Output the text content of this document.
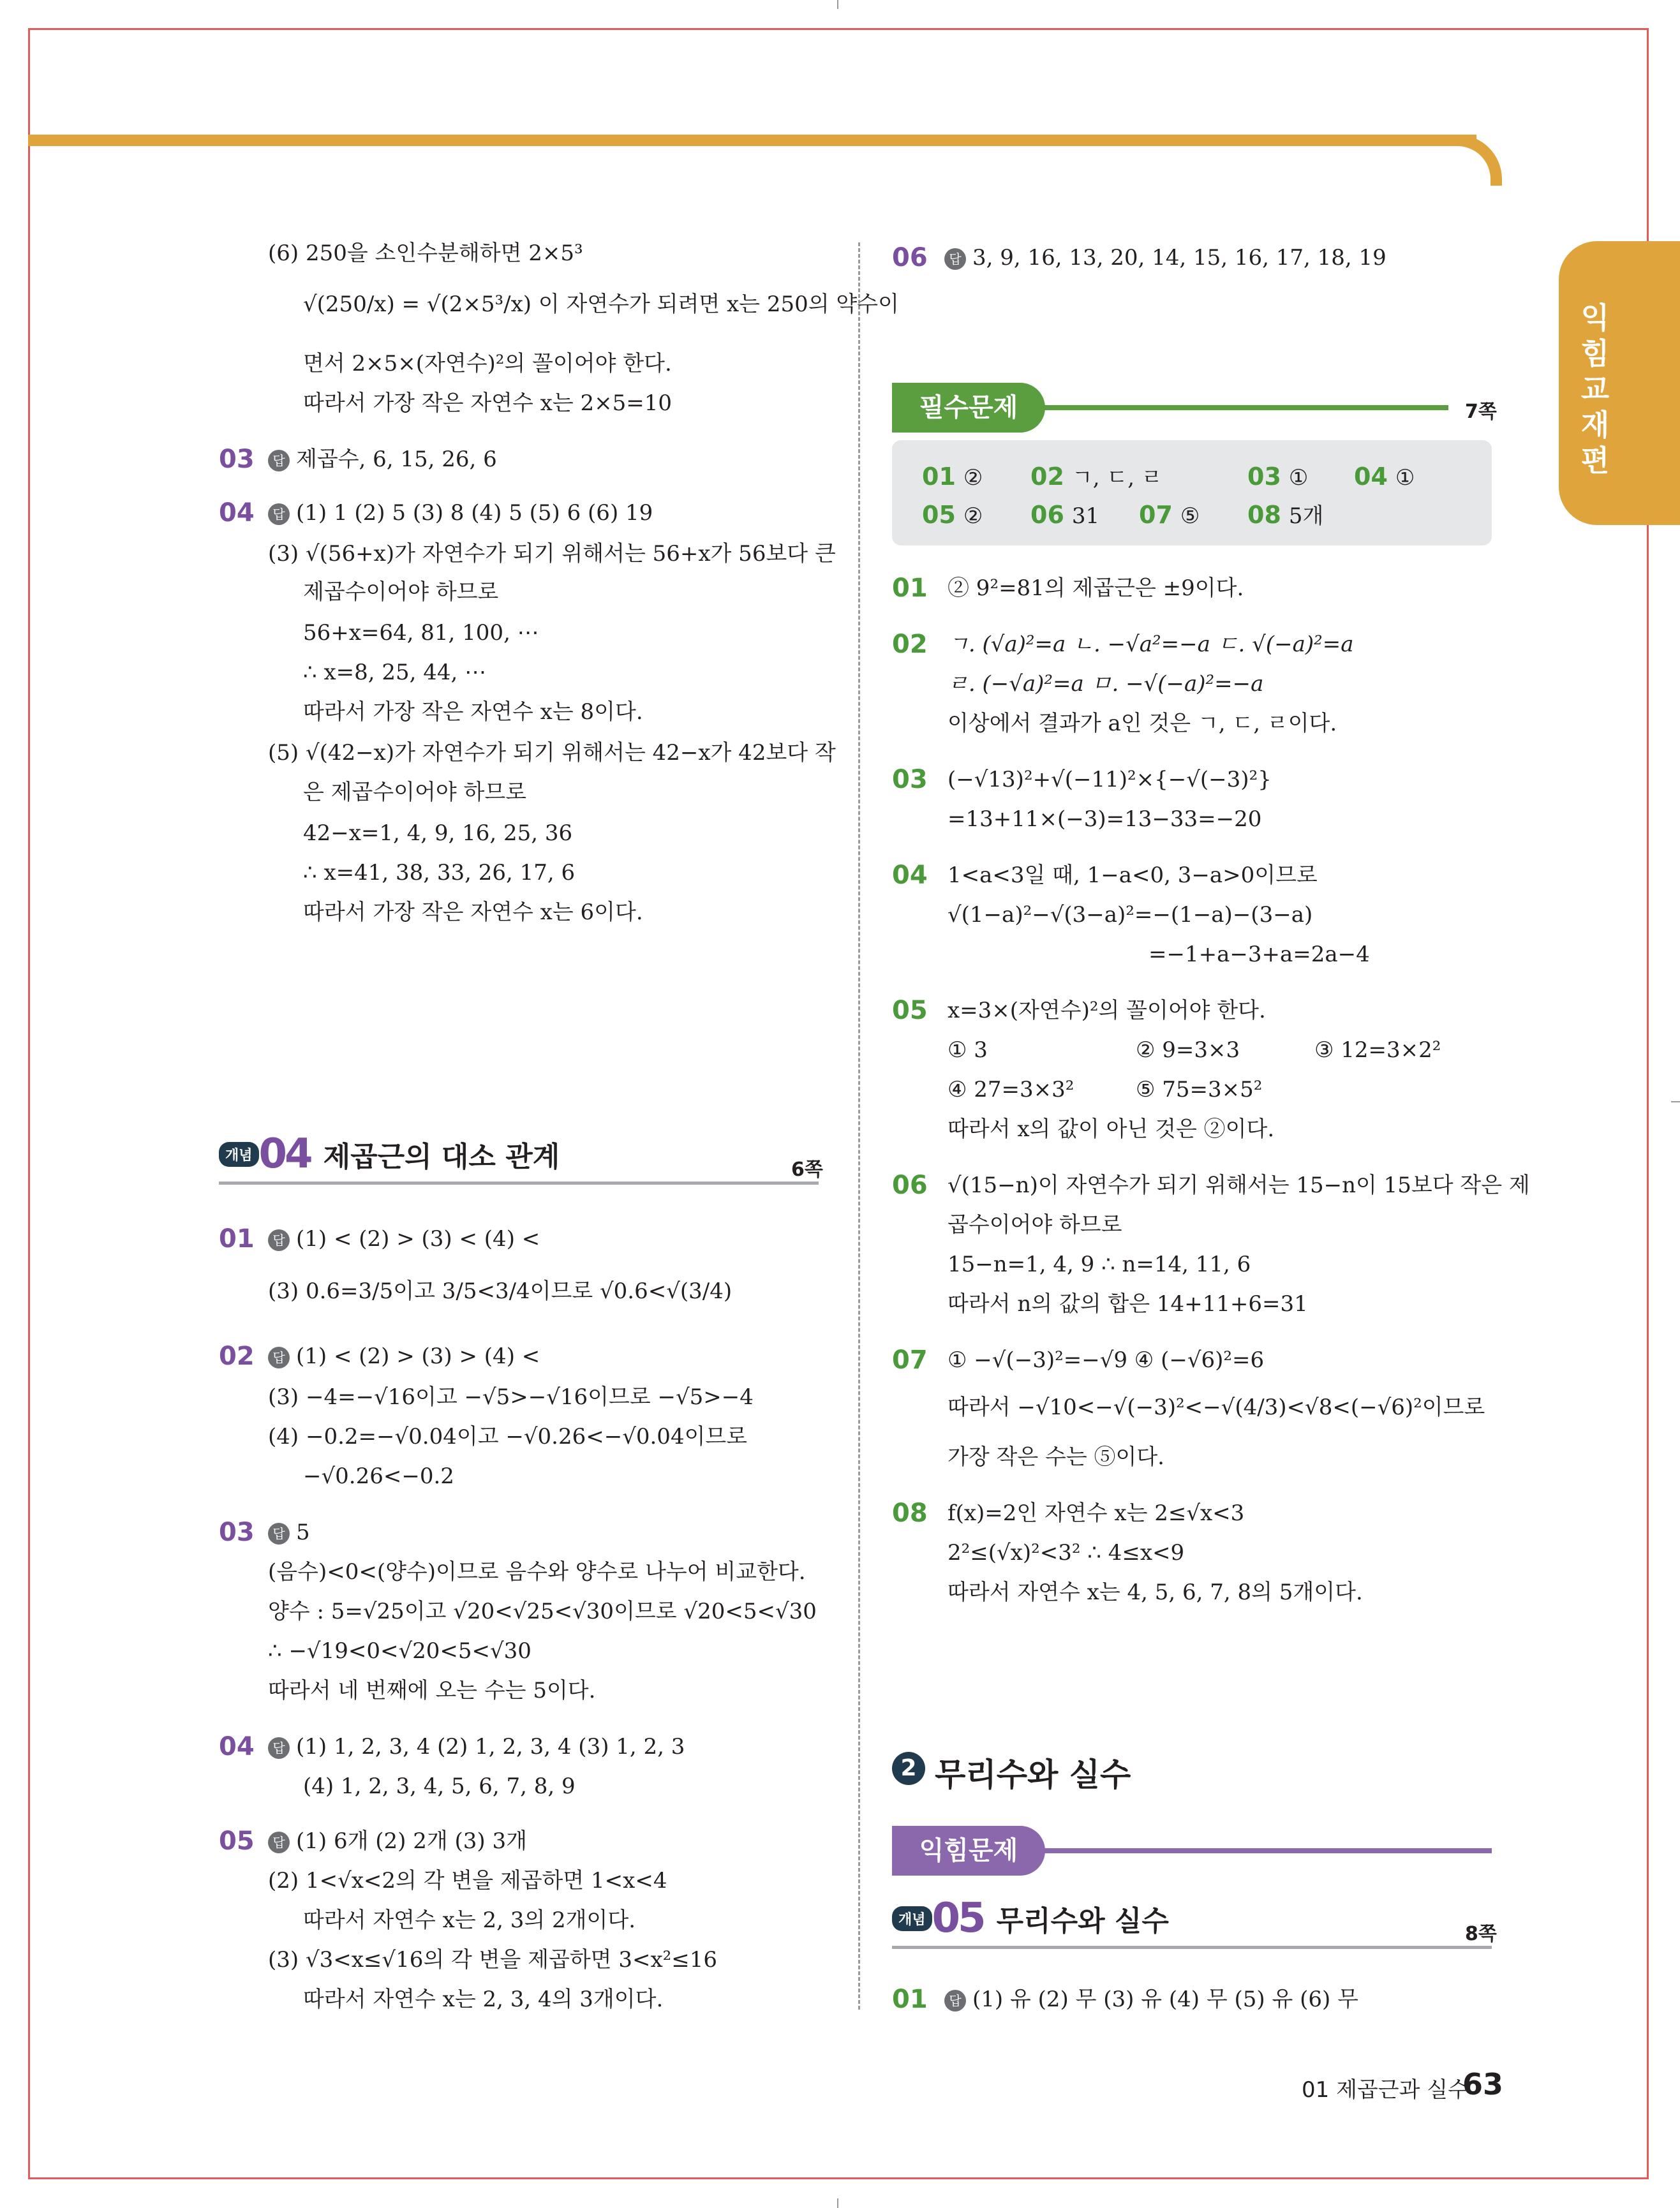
익힘교재편
(6) 250을 소인수분해하면 2×5³
√(250/x) = √(2×5³/x) 이 자연수가 되려면 x는 250의 약수이
면서 2×5×(자연수)²의 꼴이어야 한다.
따라서 가장 작은 자연수 x는 2×5=10
03	답 제곱수, 6, 15, 26, 6
04	답 (1) 1 (2) 5 (3) 8 (4) 5 (5) 6 (6) 19
(3) √(56+x)가 자연수가 되기 위해서는 56+x가 56보다 큰
제곱수이어야 하므로
56+x=64, 81, 100, ⋯
∴ x=8, 25, 44, ⋯
따라서 가장 작은 자연수 x는 8이다.
(5) √(42−x)가 자연수가 되기 위해서는 42−x가 42보다 작
은 제곱수이어야 하므로
42−x=1, 4, 9, 16, 25, 36
∴ x=41, 38, 33, 26, 17, 6
따라서 가장 작은 자연수 x는 6이다.
개념 04 제곱근의 대소 관계	6쪽
01	답 (1) < (2) > (3) < (4) <
(3) 0.6=3/5이고 3/5<3/4이므로 √0.6<√(3/4)
02	답 (1) < (2) > (3) > (4) <
(3) −4=−√16이고 −√5>−√16이므로 −√5>−4
(4) −0.2=−√0.04이고 −√0.26<−√0.04이므로
−√0.26<−0.2
03	답 5
(음수)<0<(양수)이므로 음수와 양수로 나누어 비교한다.
양수 : 5=√25이고 √20<√25<√30이므로 √20<5<√30
∴ −√19<0<√20<5<√30
따라서 네 번째에 오는 수는 5이다.
04	답 (1) 1, 2, 3, 4 (2) 1, 2, 3, 4 (3) 1, 2, 3
(4) 1, 2, 3, 4, 5, 6, 7, 8, 9
05	답 (1) 6개 (2) 2개 (3) 3개
(2) 1<√x<2의 각 변을 제곱하면 1<x<4
따라서 자연수 x는 2, 3의 2개이다.
(3) √3<x≤√16의 각 변을 제곱하면 3<x²≤16
따라서 자연수 x는 2, 3, 4의 3개이다.
06	답 3, 9, 16, 13, 20, 14, 15, 16, 17, 18, 19
필수문제	7쪽
01 ② 02 ㄱ, ㄷ, ㄹ	03 ① 04 ①
05 ② 06 31 07 ⑤ 08 5개
01 ② 9²=81의 제곱근은 ±9이다.
02 ㄱ. (√a)²=a ㄴ. −√a²=−a ㄷ. √(−a)²=a
ㄹ. (−√a)²=a ㅁ. −√(−a)²=−a
이상에서 결과가 a인 것은 ㄱ, ㄷ, ㄹ이다.
03 (−√13)²+√(−11)²×{−√(−3)²}
=13+11×(−3)=13−33=−20
04 1<a<3일 때, 1−a<0, 3−a>0이므로
√(1−a)²−√(3−a)²=−(1−a)−(3−a)
=−1+a−3+a=2a−4
05 x=3×(자연수)²의 꼴이어야 한다.
① 3	② 9=3×3	③ 12=3×2²
④ 27=3×3²	⑤ 75=3×5²
따라서 x의 값이 아닌 것은 ②이다.
06 √(15−n)이 자연수가 되기 위해서는 15−n이 15보다 작은 제
곱수이어야 하므로
15−n=1, 4, 9 ∴ n=14, 11, 6
따라서 n의 값의 합은 14+11+6=31
07 ① −√(−3)²=−√9 ④ (−√6)²=6
따라서 −√10<−√(−3)²<−√(4/3)<√8<(−√6)²이므로
가장 작은 수는 ⑤이다.
08 f(x)=2인 자연수 x는 2≤√x<3
2²≤(√x)²<3² ∴ 4≤x<9
따라서 자연수 x는 4, 5, 6, 7, 8의 5개이다.
2 무리수와 실수
익힘문제
개념 05 무리수와 실수	8쪽
01	답 (1) 유 (2) 무 (3) 유 (4) 무 (5) 유 (6) 무
01 제곱근과 실수
63
